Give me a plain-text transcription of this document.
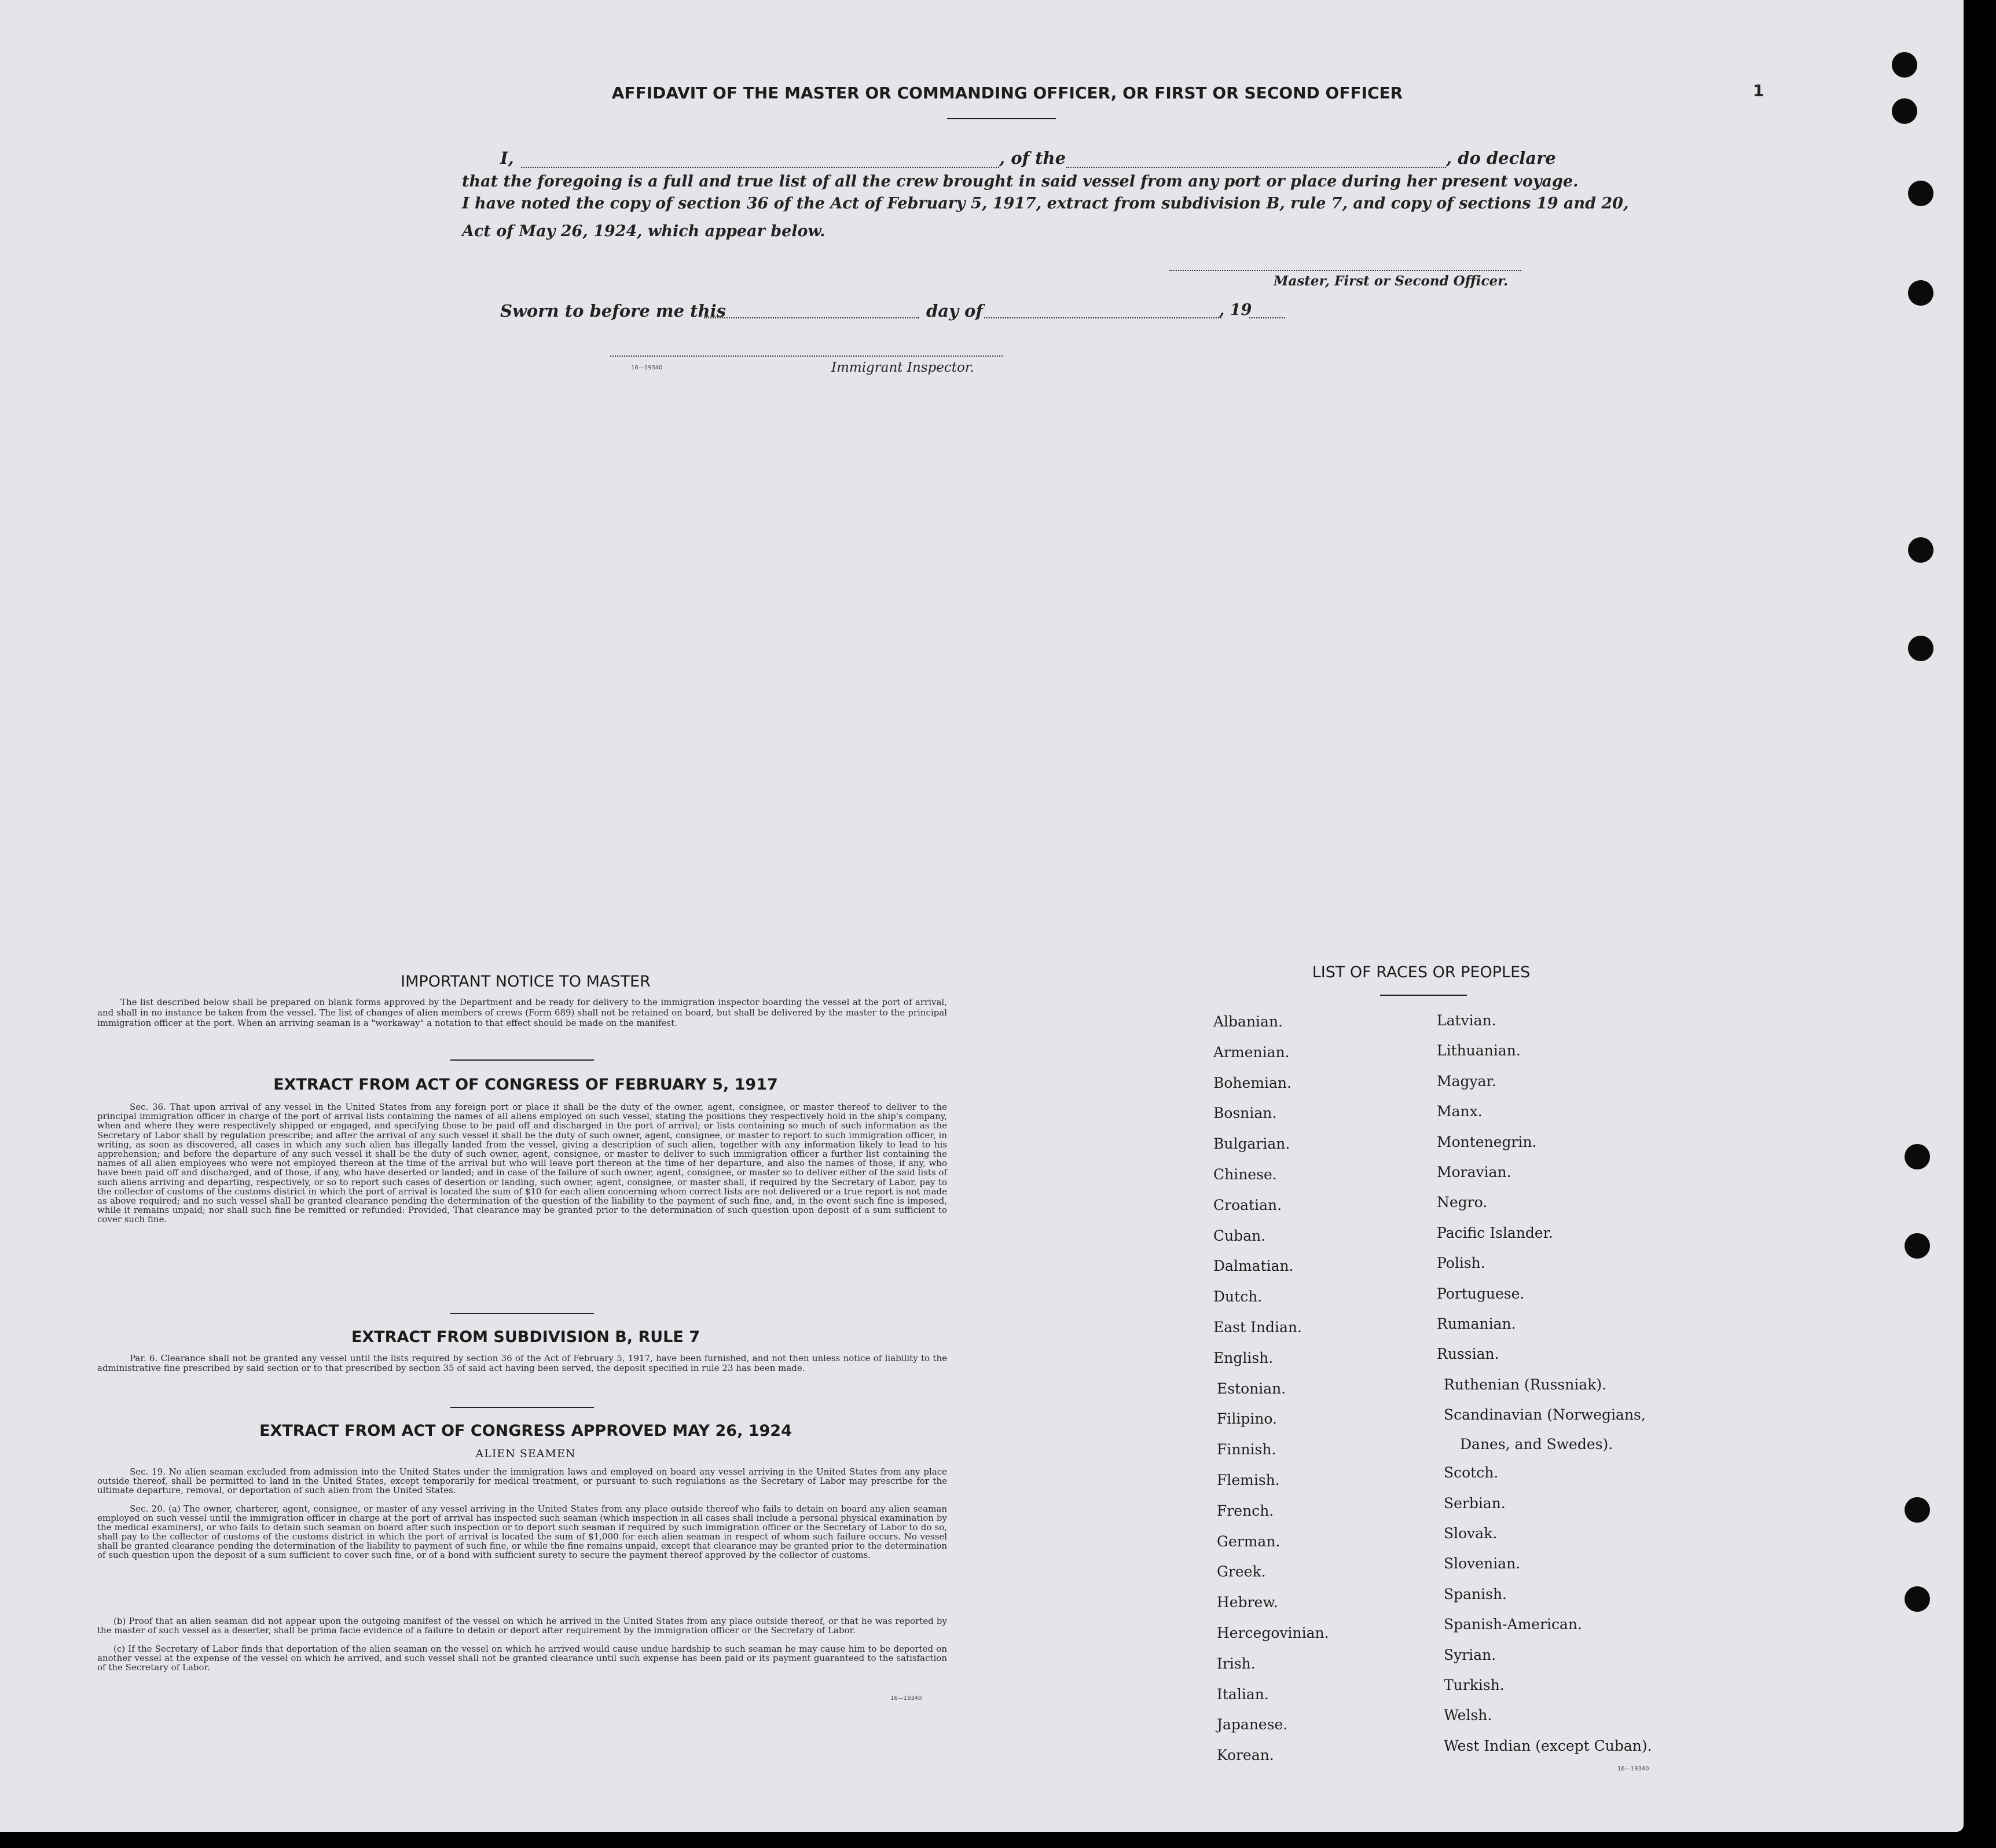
AFFIDAVIT OF THE MASTER OR COMMANDING OFFICER, OR FIRST OR SECOND OFFICER	1
I,	, of the	, do declare
that the foregoing is a full and true list of all the crew brought in said vessel from any port or place during her present voyage.
I have noted the copy of section 36 of the Act of February 5, 1917, extract from subdivision B, rule 7, and copy of sections 19 and 20,
Act of May 26, 1924, which appear below.
Master, First or Second Officer.
Sworn to before me this	day of	, 19
16—19340	Immigrant Inspector.
IMPORTANT NOTICE TO MASTER
The list described below shall be prepared on blank forms approved by the Department and be ready for delivery to the immigration inspector boarding the vessel at the port of arrival, and shall in no instance be taken from the vessel. The list of changes of alien members of crews (Form 689) shall not be retained on board, but shall be delivered by the master to the principal immigration officer at the port. When an arriving seaman is a "workaway" a notation to that effect should be made on the manifest.
EXTRACT FROM ACT OF CONGRESS OF FEBRUARY 5, 1917
Sec. 36. That upon arrival of any vessel in the United States from any foreign port or place it shall be the duty of the owner, agent, consignee, or master thereof to deliver to the principal immigration officer in charge of the port of arrival lists containing the names of all aliens employed on such vessel, stating the positions they respectively hold in the ship's company, when and where they were respectively shipped or engaged, and specifying those to be paid off and discharged in the port of arrival; or lists containing so much of such information as the Secretary of Labor shall by regulation prescribe; and after the arrival of any such vessel it shall be the duty of such owner, agent, consignee, or master to report to such immigration officer, in writing, as soon as discovered, all cases in which any such alien has illegally landed from the vessel, giving a description of such alien, together with any information likely to lead to his apprehension; and before the departure of any such vessel it shall be the duty of such owner, agent, consignee, or master to deliver to such immigration officer a further list containing the names of all alien employees who were not employed thereon at the time of the arrival but who will leave port thereon at the time of her departure, and also the names of those, if any, who have been paid off and discharged, and of those, if any, who have deserted or landed; and in case of the failure of such owner, agent, consignee, or master so to deliver either of the said lists of such aliens arriving and departing, respectively, or so to report such cases of desertion or landing, such owner, agent, consignee, or master shall, if required by the Secretary of Labor, pay to the collector of customs of the customs district in which the port of arrival is located the sum of $10 for each alien concerning whom correct lists are not delivered or a true report is not made as above required; and no such vessel shall be granted clearance pending the determination of the question of the liability to the payment of such fine, and, in the event such fine is imposed, while it remains unpaid; nor shall such fine be remitted or refunded: Provided, That clearance may be granted prior to the determination of such question upon deposit of a sum sufficient to cover such fine.
EXTRACT FROM SUBDIVISION B, RULE 7
Par. 6. Clearance shall not be granted any vessel until the lists required by section 36 of the Act of February 5, 1917, have been furnished, and not then unless notice of liability to the administrative fine prescribed by said section or to that prescribed by section 35 of said act having been served, the deposit specified in rule 23 has been made.
EXTRACT FROM ACT OF CONGRESS APPROVED MAY 26, 1924
ALIEN SEAMEN
Sec. 19. No alien seaman excluded from admission into the United States under the immigration laws and employed on board any vessel arriving in the United States from any place outside thereof, shall be permitted to land in the United States, except temporarily for medical treatment, or pursuant to such regulations as the Secretary of Labor may prescribe for the ultimate departure, removal, or deportation of such alien from the United States.
Sec. 20. (a) The owner, charterer, agent, consignee, or master of any vessel arriving in the United States from any place outside thereof who fails to detain on board any alien seaman employed on such vessel until the immigration officer in charge at the port of arrival has inspected such seaman (which inspection in all cases shall include a personal physical examination by the medical examiners), or who fails to detain such seaman on board after such inspection or to deport such seaman if required by such immigration officer or the Secretary of Labor to do so, shall pay to the collector of customs of the customs district in which the port of arrival is located the sum of $1,000 for each alien seaman in respect of whom such failure occurs. No vessel shall be granted clearance pending the determination of the liability to payment of such fine, or while the fine remains unpaid, except that clearance may be granted prior to the determination of such question upon the deposit of a sum sufficient to cover such fine, or of a bond with sufficient surety to secure the payment thereof approved by the collector of customs.
(b) Proof that an alien seaman did not appear upon the outgoing manifest of the vessel on which he arrived in the United States from any place outside thereof, or that he was reported by the master of such vessel as a deserter, shall be prima facie evidence of a failure to detain or deport after requirement by the immigration officer or the Secretary of Labor.
(c) If the Secretary of Labor finds that deportation of the alien seaman on the vessel on which he arrived would cause undue hardship to such seaman he may cause him to be deported on another vessel at the expense of the vessel on which he arrived, and such vessel shall not be granted clearance until such expense has been paid or its payment guaranteed to the satisfaction of the Secretary of Labor.
16—19340
LIST OF RACES OR PEOPLES
Danes, and Swedes).
16—19340
Albanian.
Armenian.
Bohemian.
Bosnian.
Bulgarian.
Chinese.
Croatian.
Cuban.
Dalmatian.
Dutch.
East Indian.
English.
Estonian.
Filipino.
Finnish.
Flemish.
French.
German.
Greek.
Hebrew.
Hercegovinian.
Irish.
Italian.
Japanese.
Korean.
Latvian.
Lithuanian.
Magyar.
Manx.
Montenegrin.
Moravian.
Negro.
Pacific Islander.
Polish.
Portuguese.
Rumanian.
Russian.
Ruthenian (Russniak).
Scandinavian (Norwegians,
Scotch.
Serbian.
Slovak.
Slovenian.
Spanish.
Spanish-American.
Syrian.
Turkish.
Welsh.
West Indian (except Cuban).
